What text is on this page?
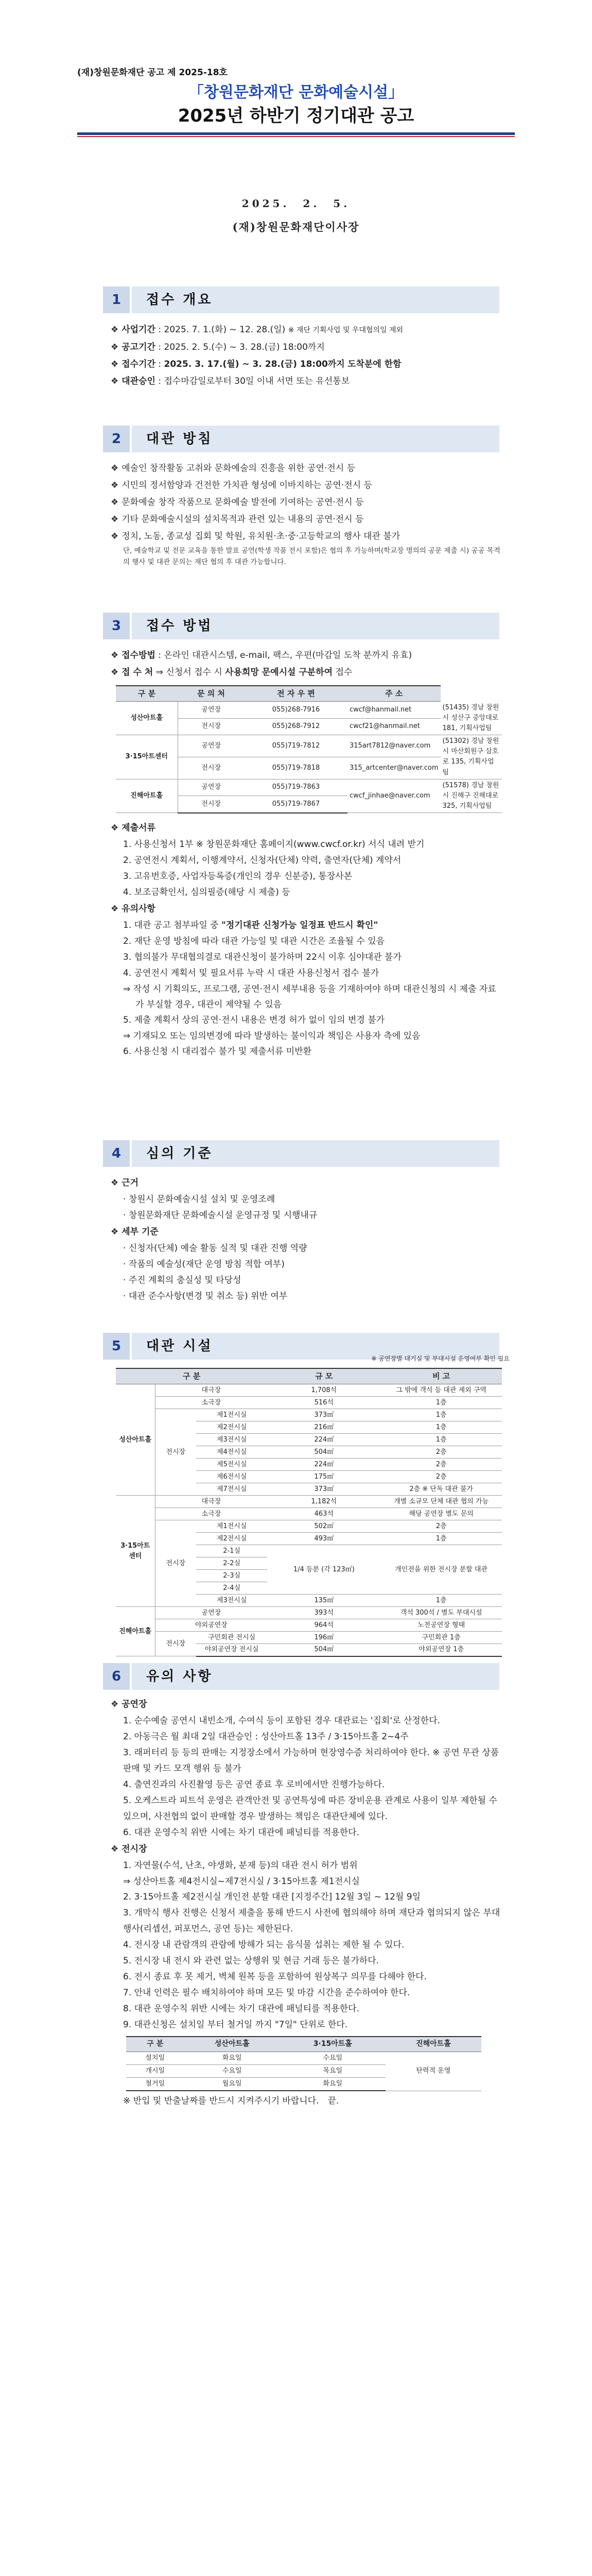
(재)창원문화재단 공고 제 2025-18호
「창원문화재단 문화예술시설」
2025년 하반기 정기대관 공고
2025.　2.　5.
(재)창원문화재단이사장
1	접수 개요
❖ 사업기간 : 2025. 7. 1.(화) ~ 12. 28.(일) ※ 재단 기획사업 및 우대협의일 제외
❖ 공고기간 : 2025. 2. 5.(수) ~ 3. 28.(금) 18:00까지
❖ 접수기간 : 2025. 3. 17.(월) ~ 3. 28.(금) 18:00까지 도착분에 한함
❖ 대관승인 : 접수마감일로부터 30일 이내 서면 또는 유선통보
2	대관 방침
❖ 예술인 창작활동 고취와 문화예술의 진흥을 위한 공연·전시 등
❖ 시민의 정서함양과 건전한 가치관 형성에 이바지하는 공연·전시 등
❖ 문화예술 창작 작품으로 문화예술 발전에 기여하는 공연·전시 등
❖ 기타 문화예술시설의 설치목적과 관련 있는 내용의 공연·전시 등
❖ 정치, 노동, 종교성 집회 및 학원, 유치원·초·중·고등학교의 행사 대관 불가
단, 예술학교 및 전문 교육을 통한 발표 공연(학생 작품 전시 포함)은 협의 후 가능하며(학교장 명의의 공문 제출 시) 공공 목적의 행사 및 대관 문의는 재단 협의 후 대관 가능합니다.
3	접수 방법
❖ 접수방법 : 온라인 대관시스템, e-mail, 팩스, 우편(마감일 도착 분까지 유효)
❖ 접 수 처 ⇒ 신청서 접수 시 사용희망 문예시설 구분하여 접수
구 분	문 의 처	전 자 우 편	주 소	
성산아트홀	공연장	055)268-7916	cwcf@hanmail.net	(51435) 경남 창원시 성산구 중앙대로 181, 기획사업팀
	전시장	055)268-7912	cwcf21@hanmail.net	
3·15아트센터	공연장	055)719-7812	315art7812@naver.com	(51302) 경남 창원시 마산회원구 삼호로 135, 기획사업팀
	전시장	055)719-7818	315_artcenter@naver.com	
진해아트홀	공연장	055)719-7863	cwcf_jinhae@naver.com	(51578) 경남 창원시 진해구 진해대로 325, 기획사업팀
	전시장	055)719-7867		
❖ 제출서류
1. 사용신청서 1부 ※ 창원문화재단 홈페이지(www.cwcf.or.kr) 서식 내려 받기
2. 공연전시 계획서, 이행계약서, 신청자(단체) 약력, 출연자(단체) 계약서
3. 고유번호증, 사업자등록증(개인의 경우 신분증), 통장사본
4. 보조금확인서, 심의필증(해당 시 제출) 등
❖ 유의사항
1. 대관 공고 첨부파일 중 "정기대관 신청가능 일정표 반드시 확인"
2. 재단 운영 방침에 따라 대관 가능일 및 대관 시간은 조율될 수 있음
3. 협의불가 무대협의결로 대관신청이 불가하며 22시 이후 심야대관 불가
4. 공연전시 계획서 및 필요서류 누락 시 대관 사용신청서 접수 불가
⇒ 작성 시 기획의도, 프로그램, 공연·전시 세부내용 등을 기재하여야 하며 대관신청의 시 제출 자료가 부실할 경우, 대관이 제약될 수 있음
5. 제출 계획서 상의 공연·전시 내용은 변경 허가 없이 임의 변경 불가
⇒ 기재되오 또는 임의변경에 따라 발생하는 불이익과 책임은 사용자 측에 있음
6. 사용신청 시 대리접수 불가 및 제출서류 미반환
4	심의 기준
❖ 근거
· 창원시 문화예술시설 설치 및 운영조례
· 창원문화재단 문화예술시설 운영규정 및 시행내규
❖ 세부 기준
· 신청자(단체) 예술 활동 실적 및 대관 진행 역량
· 작품의 예술성(재단 운영 방침 적합 여부)
· 주진 계획의 충실성 및 타당성
· 대관 준수사항(변경 및 취소 등) 위반 여부
5	대관 시설
※ 공연장별 대기실 및 부대시설 운영여부 확인 필요
구 분			규 모	비 고
성산아트홀	대극장		1,708석	그 밖에 객석 등 대관 제외 구역
	소극장		516석	1층
	전시장	제1전시실	373㎡	1층
		제2전시실	216㎡	1층
		제3전시실	224㎡	1층
		제4전시실	504㎡	2층
		제5전시실	224㎡	2층
		제6전시실	175㎡	2층
		제7전시실	373㎡	2층 ※ 단독 대관 불가
3·15아트센터	대극장		1,182석	개별 소규모 단체 대관 협의 가능
	소극장		463석	해당 공연장 별도 문의
	전시장	제1전시실	502㎡	2층
		제2전시실	493㎡	1층
		2-1실	1/4 등분 (각 123㎡)	개인전을 위한 전시장 분할 대관
		2-2실		
		2-3실		
		2-4실		
		제3전시실	135㎡	1층
진해아트홀	공연장		393석	객석 300석 / 별도 부대시설
	야외공연장		964석	노천공연장 형태
	전시장	구민회관 전시실	196㎡	구민회관 1층
		야외공연장 전시실	504㎡	야외공연장 1층
6	유의 사항
❖ 공연장
1. 순수예술 공연시 내빈소개, 수여식 등이 포함된 경우 대관료는 '집회'로 산정한다.
2. 아동극은 월 최대 2일 대관승인 : 성산아트홀 13주 / 3·15아트홀 2~4주
3. 래퍼터리 등 등의 판매는 지정장소에서 가능하며 현장영수증 처리하여야 한다. ※ 공연 무관 상품 판매 및 카드 모객 행위 등 불가
4. 출연진과의 사진촬영 등은 공연 종료 후 로비에서만 진행가능하다.
5. 오케스트라 피트석 운영은 관객안전 및 공연특성에 따른 장비운용 관계로 사용이 일부 제한될 수 있으며, 사전협의 없이 판매할 경우 발생하는 책임은 대관단체에 있다.
6. 대관 운영수칙 위반 시에는 차기 대관에 패널티를 적용한다.
❖ 전시장
1. 자연물(수석, 난초, 야생화, 분재 등)의 대관 전시 허가 범위
⇒ 성산아트홀 제4전시실~제7전시실 / 3·15아트홀 제1전시실
2. 3·15아트홀 제2전시실 개인전 분할 대관 [지정주간] 12월 3일 ~ 12월 9일
3. 개막식 행사 진행은 신청서 제출을 통해 반드시 사전에 협의해야 하며 재단과 협의되지 않은 부대행사(리셉션, 퍼포먼스, 공연 등)는 제한된다.
4. 전시장 내 관람객의 관람에 방해가 되는 음식물 섭취는 제한 될 수 있다.
5. 전시장 내 전시 와 관련 없는 상행위 및 현금 거래 등은 불가하다.
6. 전시 종료 후 못 제거, 벽체 원복 등을 포함하여 원상복구 의무를 다해야 한다.
7. 안내 인력은 필수 배치하여야 하며 모든 및 마감 시간을 준수하여야 한다.
8. 대관 운영수칙 위반 시에는 차기 대관에 패널티를 적용한다.
9. 대관신청은 설치일 부터 철거일 까지 "7일" 단위로 한다.
구 분	성산아트홀	3·15아트홀	진해아트홀
설치일	화요일	수요일	탄력적 운영
개시일	수요일	목요일	
철거일	월요일	화요일	
※ 반입 및 반출날짜를 반드시 지켜주시기 바랍니다.　끝.
